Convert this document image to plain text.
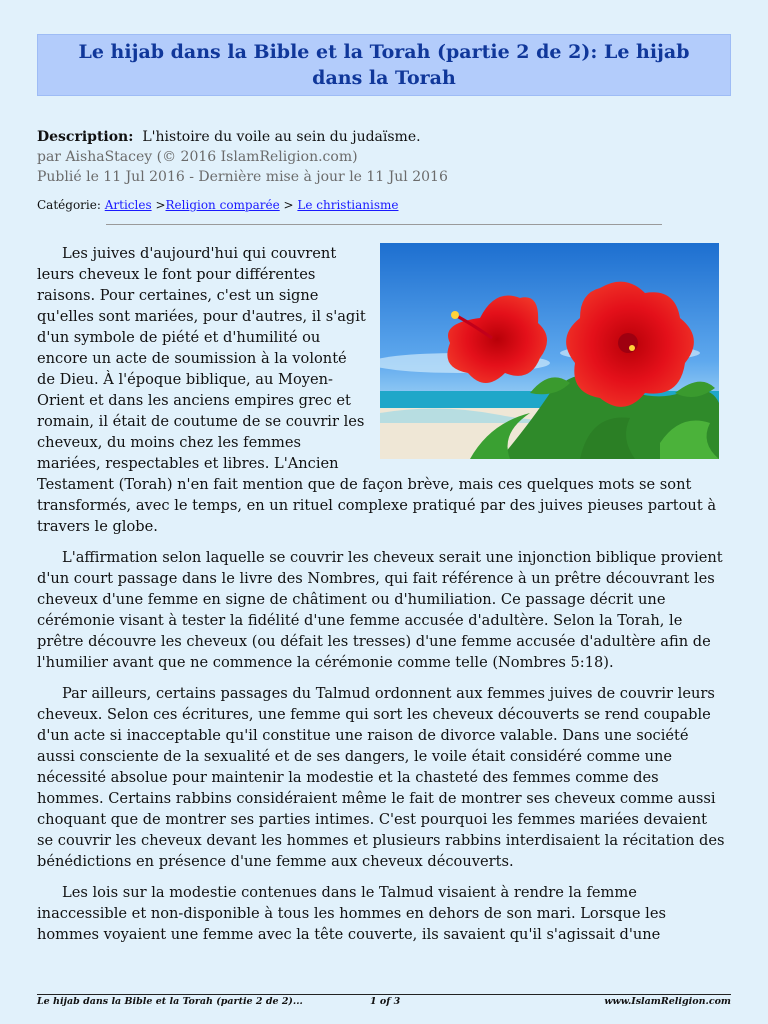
Le hijab dans la Bible et la Torah (partie 2 de 2): Le hijab dans la Torah
Description: L'histoire du voile au sein du judaïsme.
par AishaStacey (© 2016 IslamReligion.com)
Publié le 11 Jul 2016 - Dernière mise à jour le 11 Jul 2016
Catégorie: Articles >Religion comparée > Le christianisme

Les juives d'aujourd'hui qui couvrent leurs cheveux le font pour différentes raisons. Pour certaines, c'est un signe qu'elles sont mariées, pour d'autres, il s'agit d'un symbole de piété et d'humilité ou encore un acte de soumission à la volonté de Dieu. À l'époque biblique, au Moyen-Orient et dans les anciens empires grec et romain, il était de coutume de se couvrir les cheveux, du moins chez les femmes mariées, respectables et libres. L'Ancien Testament (Torah) n'en fait mention que de façon brève, mais ces quelques mots se sont transformés, avec le temps, en un rituel complexe pratiqué par des juives pieuses partout à travers le globe.

L'affirmation selon laquelle se couvrir les cheveux serait une injonction biblique provient d'un court passage dans le livre des Nombres, qui fait référence à un prêtre découvrant les cheveux d'une femme en signe de châtiment ou d'humiliation. Ce passage décrit une cérémonie visant à tester la fidélité d'une femme accusée d'adultère. Selon la Torah, le prêtre découvre les cheveux (ou défait les tresses) d'une femme accusée d'adultère afin de l'humilier avant que ne commence la cérémonie comme telle (Nombres 5:18).

Par ailleurs, certains passages du Talmud ordonnent aux femmes juives de couvrir leurs cheveux. Selon ces écritures, une femme qui sort les cheveux découverts se rend coupable d'un acte si inacceptable qu'il constitue une raison de divorce valable. Dans une société aussi consciente de la sexualité et de ses dangers, le voile était considéré comme une nécessité absolue pour maintenir la modestie et la chasteté des femmes comme des hommes. Certains rabbins considéraient même le fait de montrer ses cheveux comme aussi choquant que de montrer ses parties intimes. C'est pourquoi les femmes mariées devaient se couvrir les cheveux devant les hommes et plusieurs rabbins interdisaient la récitation des bénédictions en présence d'une femme aux cheveux découverts.

Les lois sur la modestie contenues dans le Talmud visaient à rendre la femme inaccessible et non-disponible à tous les hommes en dehors de son mari. Lorsque les hommes voyaient une femme avec la tête couverte, ils savaient qu'il s'agissait d'une

Le hijab dans la Bible et la Torah (partie 2 de 2)...	1 of 3	www.IslamReligion.com
